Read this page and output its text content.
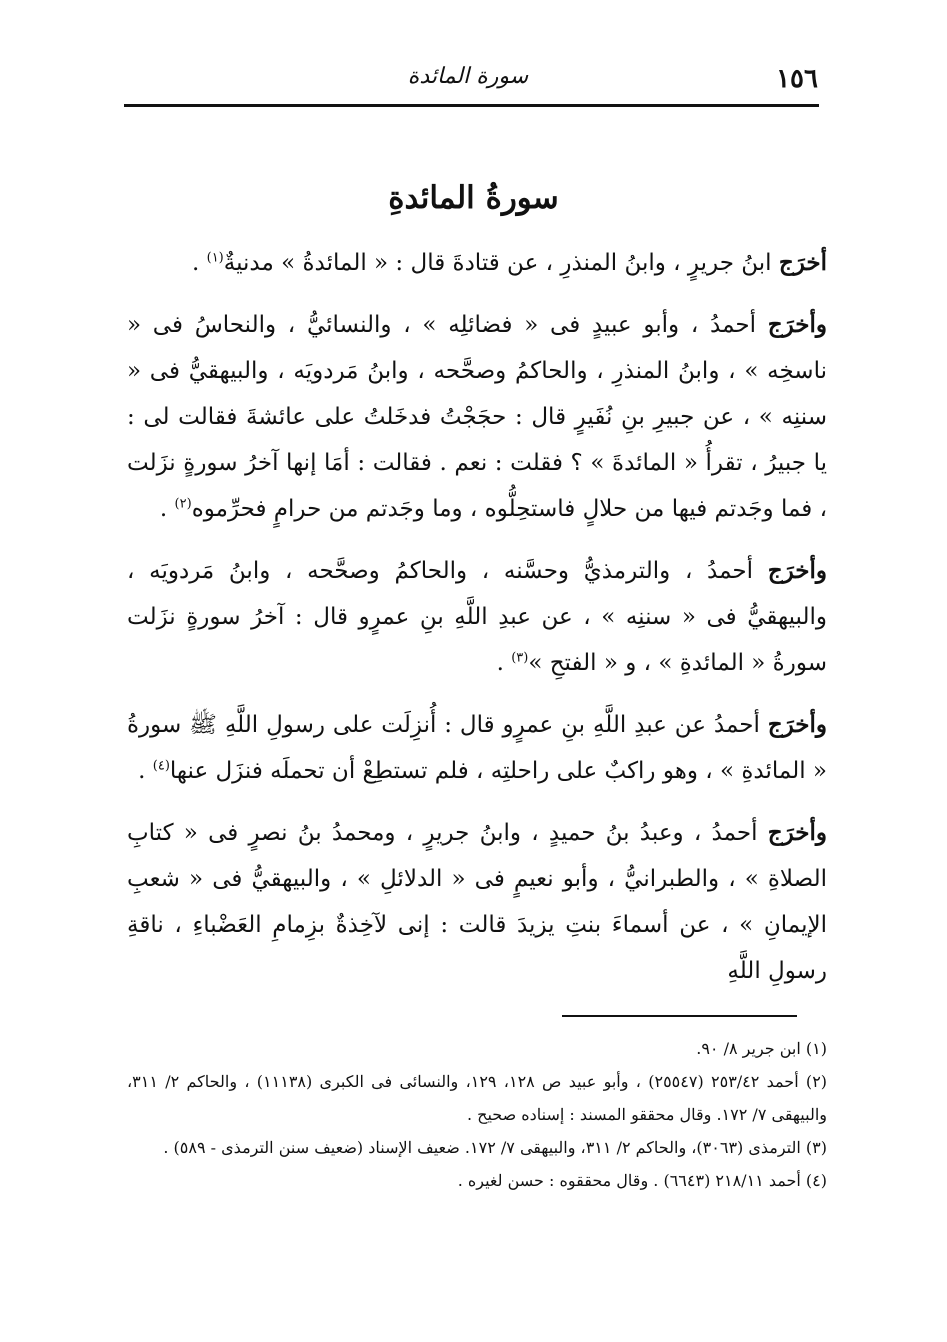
١٥٦
سورة المائدة
سورةُ المائدةِ

أخرَج ابنُ جريرٍ ، وابنُ المنذرِ ، عن قتادةَ قال : « المائدةُ » مدنيةٌ$^{(١)}$ .

وأخرَج أحمدُ ، وأبو عبيدٍ فى « فضائلِه » ، والنسائيُّ ، والنحاسُ فى « ناسخِه » ، وابنُ المنذرِ ، والحاكمُ وصحَّحه ، وابنُ مَردويَه ، والبيهقيُّ فى « سننِه » ، عن جبيرِ بنِ نُفَيرٍ قال : حجَجْتُ فدخَلتُ على عائشةَ فقالت لى : يا جبيرُ ، تقرأُ « المائدةَ » ؟ فقلت : نعم . فقالت : أمَا إنها آخرُ سورةٍ نزَلت ، فما وجَدتم فيها من حلالٍ فاستحِلُّوه ، وما وجَدتم من حرامٍ فحرِّموه$^{(٢)}$ .

وأخرَج أحمدُ ، والترمذيُّ وحسَّنه ، والحاكمُ وصحَّحه ، وابنُ مَردويَه ، والبيهقيُّ فى « سننِه » ، عن عبدِ اللَّهِ بنِ عمرٍو قال : آخرُ سورةٍ نزَلت سورةُ « المائدةِ » ، و « الفتحِ »$^{(٣)}$ .

وأخرَج أحمدُ عن عبدِ اللَّهِ بنِ عمرٍو قال : أُنزِلَت على رسولِ اللَّهِ ﷺ سورةُ « المائدةِ » ، وهو راكبٌ على راحلتِه ، فلم تستطِعْ أن تحملَه فنزَل عنها$^{(٤)}$ .

وأخرَج أحمدُ ، وعبدُ بنُ حميدٍ ، وابنُ جريرٍ ، ومحمدُ بنُ نصرٍ فى « كتابِ الصلاةِ » ، والطبرانيُّ ، وأبو نعيمٍ فى « الدلائلِ » ، والبيهقيُّ فى « شعبِ الإيمانِ » ، عن أسماءَ بنتِ يزيدَ قالت : إنى لآخِذةٌ بزِمامِ العَضْباءِ ، ناقةِ رسولِ اللَّهِ

(١) ابن جرير ٨/ ٩٠.

(٢) أحمد ٢٥٣/٤٢ (٢٥٥٤٧) ، وأبو عبيد ص ١٢٨، ١٢٩، والنسائى فى الكبرى (١١١٣٨) ، والحاكم ٢/ ٣١١، والبيهقى ٧/ ١٧٢. وقال محققو المسند : إسناده صحيح .

(٣) الترمذى (٣٠٦٣)، والحاكم ٢/ ٣١١، والبيهقى ٧/ ١٧٢. ضعيف الإسناد (ضعيف سنن الترمذى - ٥٨٩) .

(٤) أحمد ٢١٨/١١ (٦٦٤٣) . وقال محققوه : حسن لغيره .
